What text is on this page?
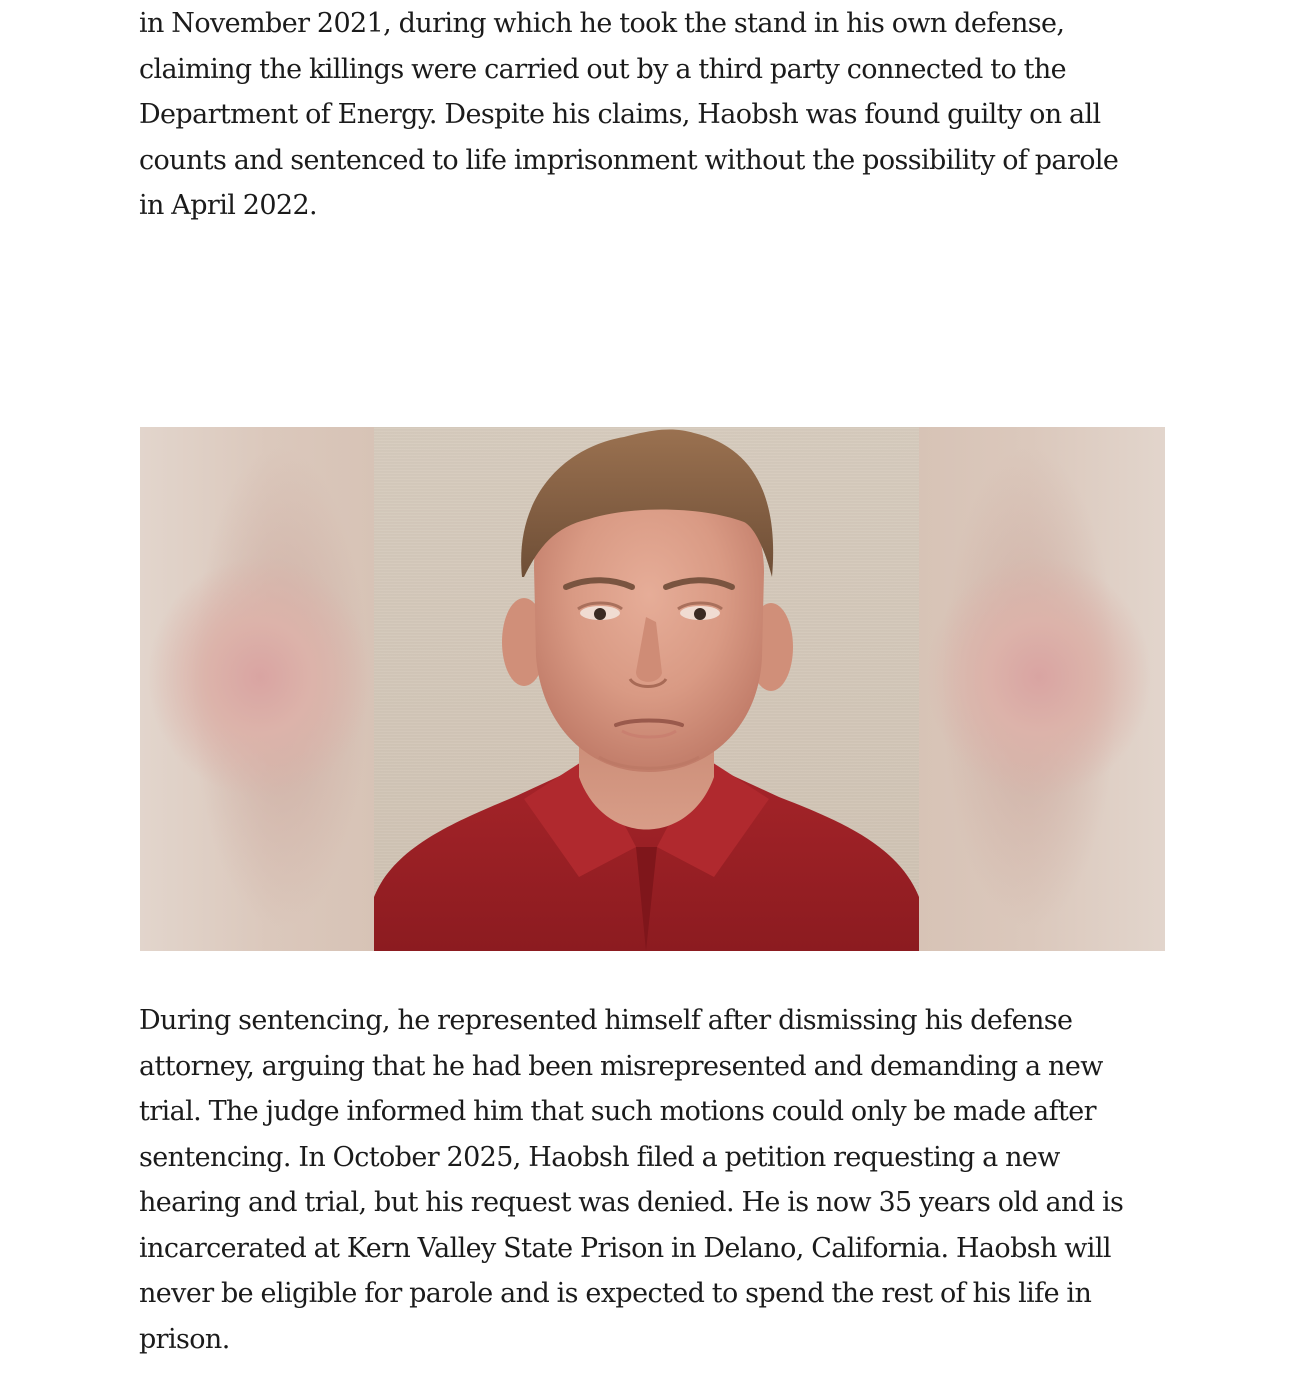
in November 2021, during which he took the stand in his own defense,
claiming the killings were carried out by a third party connected to the
Department of Energy. Despite his claims, Haobsh was found guilty on all
counts and sentenced to life imprisonment without the possibility of parole
in April 2022.

During sentencing, he represented himself after dismissing his defense
attorney, arguing that he had been misrepresented and demanding a new
trial. The judge informed him that such motions could only be made after
sentencing. In October 2025, Haobsh filed a petition requesting a new
hearing and trial, but his request was denied. He is now 35 years old and is
incarcerated at Kern Valley State Prison in Delano, California. Haobsh will
never be eligible for parole and is expected to spend the rest of his life in
prison.
